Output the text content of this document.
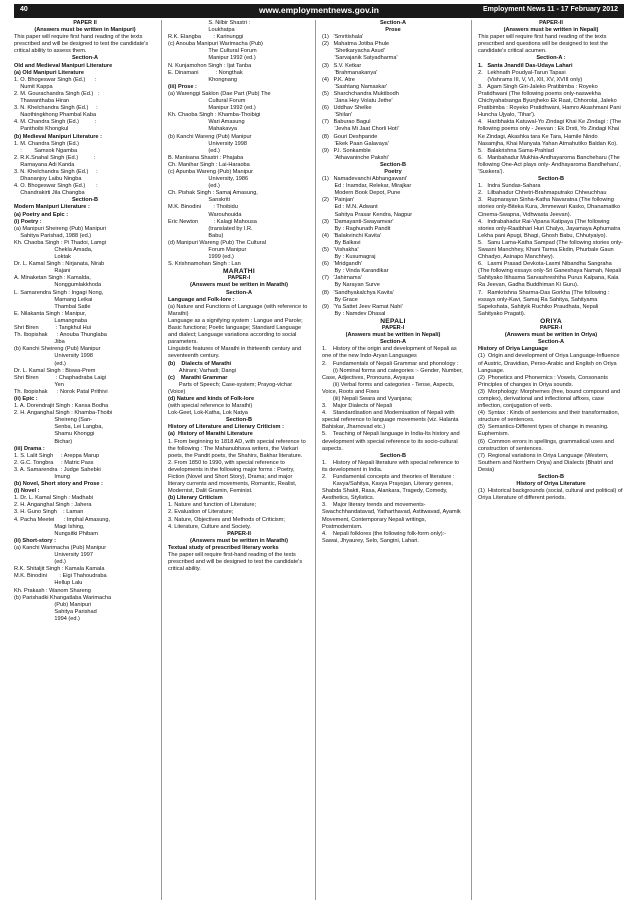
40	www.employmentnews.gov.in	Employment News 11 - 17 February 2012
PAPER II
(Answers must be written in Manipuri)
This paper will require first hand reading of the texts prescribed and will be designed to test the candidate's critical ability to assess them.
Section-A
Old and Medieval Manipuri Literature
(a) Old Manipuri Literature
1. O. Bhogeswar Singh (Ed.)      :
Numit Kappa
2. M. Gourachandra Singh (Ed.)   :
Thawanthaba Hiran
3. N. Khelchandra Singh (Ed.)     :
Naothingkhong Phambal Kaba
4. M. Chandra Singh (Ed.)          :
Panthoibi Khongkul
(b) Medieval Manipuri Literature :
1. M. Chandra Singh (Ed.)
:        Samsok Ngamba
2. R.K.Snahal Singh (Ed.)          :
Ramayana Adi Kanda
3. N. Khelchandra Singh (Ed.)     :
Dhananjoy Laibu Ningba
4. O. Bhogeswar Singh (Ed.)       :
Chandrakirti Jila Changba
Section-B
Modern Manipuri Literature :
(a) Poetry and Epic :
(i) Poetry :
(a) Manipuri Sheireng (Pub) Manipuri
Sahitya Parishad, 1988 (ed.)
Kh. Chaoba Singh : Pi Thadoi, Lamgi
Chekla Amada,
Loktak
Dr. L. Kamal Singh : Nirjanata, Nirab
Rajani
A. Minaketan Singh : Kamalda,
Nonggumlakkhoda
L. Samarendra Singh : Ingagi Nong,
Mamang Leikai
Thambal Satle
E. Nilakanta Singh : Manipur,
Lamangnaba
Shri Biren           : Tangkhul Hui
Th. Ibopishak      : Anouba Thunglaba
Jiba
(b) Kanchi Sheireng (Pub) Manipur
University 1998
(ed.)
Dr. L. Kamal Singh : Biswa-Prem
Shri Biren           : Chaphadraba Laigi
Yen
Th. Ibopishak      : Norok Patal Prithivi
(ii) Epic :
1. A. Dorendrajit Singh : Kansa Bodha
2. H. Anganghal Singh : Khamba-Thoibi
Sheireng (San-
Senba, Lei Langba,
Shamu Khonggi
Bichar)
(iii) Drama :
1. S. Lalit Singh     : Areppa Marup
2. G.C. Tongbra     : Matric Pass
3. A. Samarendra  : Judge Sahebki
Imung
(b) Novel, Short story and Prose :
(i) Novel :
1. Dr. L. Kamal Singh : Madhabi
2. H. Anganghal Singh : Jahera
3. H. Guno Singh    : Laman
4. Pacha Meetei      : Imphal Amasung,
Magi Ishing,
Nungsitki Phibam
(ii) Short-story :
(a) Kanchi Warimacha (Pub) Manipur
University 1997
(ed.)
R.K. Shitaljit Singh : Kamala Kamala
M.K. Binodini        : Eigi Thahoudraba
Hellup Lalu
Kh. Prakash : Wanom Shareng
(b) Parishadki Khangatlaba Warimacha
(Pub) Manipuri
Sahitya Parishad
1994 (ed.)
S. Nilbir Shastri :
Loukhatpa
R.K. Elangba        : Karinunggi
(c) Anouba Manipuri Warimacha (Pub)
The Cultural Forum
Manipur 1992 (ed.)
N. Kunjamohon Singh : Ijat Tanba
E. Dinamani           : Nongthak
Khongnang
(iii) Prose :
(a) Warenggi Saklon (Dae Part (Pub) The
Cultural Forum
Manipur 1992 (ed.)
Kh. Chaoba Singh : Khamba-Thoibigi
Wari Amasung
Mahakavya
(b) Kanchi Wareng (Pub) Manipur
University 1998
(ed.)
B. Manisana Shastri : Phajaba
Ch. Manihar Singh : Lai-Haraoba
(c) Apunba Wareng (Pub) Manipur
University, 1986
(ed.)
Ch. Pishak Singh : Samaj Amasung,
Sanskriti
M.K. Binodini        : Thoibidu
Warouhouida
Eric Newton          : Kalagi Mahousa
(translated by I.R.
Babu)
(d) Manipuri Wareng (Pub) The Cultural
Forum Manipur
1999 (ed.)
S. Krishnamohan Singh : Lan
MARATHI
PAPER-I
(Answers must be written in Marathi)
Section-A
Language and Folk-lore :
(a) Nature and Functions of Language (with reference to Marathi)
Language as a signifying system : Langue and Parole; Basic functions; Poetic language; Standard Language and dialect; Language variations according to social parameters.
Linguistic features of Marathi in thirteenth century and seventeenth century.
(b)    Dialects of Marathi
Ahirani; Varhadi; Dangi
(c)    Marathi Grammar
Parts of Speech; Case-system; Prayog-vichar (Voice)
(d) Nature and kinds of Folk-lore
(with special reference to Marathi)
Lok-Geet, Lok-Katha, Lok Natya
Section-B
History of Literature and Literary Criticism :
(a)  History of Marathi Literature
1. From beginning to 1818 AD, with special reference to the following : The Mahanubhava writers, the Varkari poets, the Pandit poets, the Shahirs, Bakhar literature.
2. From 1850 to 1990, with special reference to developments in the following major forms : Poetry, Fiction (Novel and Short Story), Drama; and major literary currents and movements, Romantic, Realist, Modernist, Dalit Gramin, Feminist.
(b) Literary Criticism
1. Nature and function of Literature;
2. Evaluation of Literature;
3. Nature, Objectives and Methods of Criticism;
4. Literature, Culture and Society.
PAPER-II
(Answers must be written in Marathi)
Textual study of prescribed literary works
The paper will require first-hand reading of the texts prescribed and will be designed to test the candidate's critical ability.
Section-A
Prose
(1)   'Smritishala'
(2)   Mahatma Jotiba Phule
'Shetkaryacha Asud'
'Sarvajanik Satyadharma'
(3)   S.V. Ketkar
'Brahmanakanya'
(4)   P.K. Atre
'Sashtang Namaskar'
(5)   Sharchchandra Muktibodh
'Jana Hey Volatu Jethe'
(6)   Uddhav Shelke
'Shilan'
(7)   Baburao Bagul
'Jevha Mi Jaat Chorli Hoti'
(8)   Gouri Deshpande
'Ekek Paan Galavaya'
(9)   P.I. Sonkamble
'Athavaninche Pakshi'
Section-B
Poetry
(1)   Namadevanchi Abhangawani'
Ed : Inamdar, Relekar, Mirajkar
Modern Book Depot, Pune
(2)   'Painjan'
Ed : M.N. Adwant
Sahitya Prasar Kendra, Nagpur
(3)   'Damayanti-Swayamvar'
By : Raghunath Pandit
(4)   'Balakvinchi Kavita'
By Balkavi
(5)   'Vishakha'
By : Kusumagraj
(6)   'Mridgandh'
By : Vinda Karandikar
(7)   'Jahirnama'
By Narayan Surve
(8)   'Sandhyakalchya Kavita'
By Grace
(9)   'Ya Sattet Jeev Ramat Nahi'
By : Namdev Dhasal
NEPALI
PAPER-I
(Answers must be written in Nepali)
Section-A
1.    History of the origin and development of Nepali as one of the new Indo-Aryan Languages
2.    Fundamentals of Nepali Grammar and phonology :
(i) Nominal forms and categories :- Gender, Number, Case, Adjectives, Pronouns, Avyayas
(ii) Verbal forms and categories - Tense, Aspects, Voice, Roots and Fixes
(iii) Nepali Swara and Vyanjana;
3.    Major Dialects of Nepali
4.    Standardisation and Modernisation of Nepali with special reference to language movements (viz. Halanta Bahiskar, Jharnovad etc.)
5.    Teaching of Nepali language in India-Its history and development with special reference to its socio-cultural aspects.
Section-B
1.    History of Nepali literature with special reference to its development in India.
2.    Fundamental concepts and theories of literature :
Kavya/Sahitya, Kavya Prayojan, Literary genres, Shabda Shakti, Rasa, Alankara, Tragedy, Comedy, Aesthetics, Stylistics.
3.    Major literary trends and movements-Swachchhandatavad, Yatharthavad, Astitwavad, Ayamik Movement, Contemporary Nepali writings, Postmodernism.
4.    Nepali folklores (the following folk-form only):- Sawai, Jhyaurey, Selo, Sangini, Lahari.
PAPER-II
(Answers must be written in Nepali)
This paper will require first hand reading of the texts prescribed and questions will be designed to test the candidate's critical acumen.
Section-A :
1.   Santa Jnandil Das-Udaya Lahari
2.   Lekhnath Poudyal-Tarun Tapasi
(Vishrams III, V, VI, XII, XV, XVIII only)
3.   Agam Singh Giri-Jaleko Pratibimba : Royeko Pratidhwani (The following poems only-naswekha Chichyahatsanga Byunjheko Ek Raat, Chhorolai, Jaleko Pratibimba : Royeko Pratidhwani, Hamro Akashmani Pani Huncha Ujyalo, 'Tihar').
4.   Haribhakta Katuwal-Yo Zindagi Khai Ke Zindagi : (The following poems only - Jeevan : Ek Drsti, Yo Zindagi Khai Ke Zindagi, Akashka tara Ke Tara, Hamile Nindo Nasamjha, Khai Manyata Yahan Atmahutiko Baldan Ko).
5.   Balakrishna Sama-Prahlad
6.   Manbahadur Mukhia-Andhayaroma Bancheharu (The following One-Act plays only- Andhayaroma Bandheharu', 'Suskera').
Section-B
1.   Indra Sundas-Sahara
2.   Lilbahadur Chhetri-Brahmaputrako Chheuchhau
3.   Rupnarayan Sinha-Katha Navaratna (The following stories only-Biteka Kura, Jimmewari Kasko, Dhanamatiko Cinema-Swapna, Vidhwasta Jeevan).
4.   Indrabahadur Rai-Vipana Katipaya (The following stories only-Raatbhari Huri Chalyo, Jayamaya Aphumatra Lekha pani Apugi, Bhagi, Ghosh Babu, Chhutyaiyo).
5.   Sanu Lama-Katha Sampad (The following stories only-Swasni Manchhey, Khani Tarma Ekdin, Phurbale Gaun Chhadyo, Asinapo Manchhey).
6.   Laxmi Prasad Devkota-Laxmi Nibandha Sangraha (The following essays only-Sri Ganeshaya Namah, Nepali Sahityako Itihasma Sarvashreshtha Purus Kalpana, Kala Ra Jeevan, Gadha Buddhiman Ki Guru).
7.   Ramkrishna Sharma-Das Gorkha (The following : essays only-Kavi, Samaj Ra Sahitya, Sahityama Sapekshata, Sahityik Ruchiko Praudhata, Nepali Sahityako Pragati).
ORIYA
PAPER-I
(Answers must be written in Oriya)
Section-A
History of Oriya Language
(1)  Origin and development of Oriya Language-Influence of Austric, Dravidian, Perso-Arabic and English on Oriya Language.
(2)  Phonetics and Phonemics : Vowels, Consonants Principles of changes in Oriya sounds.
(3)  Morphology: Morphemes (free, bound compound and complex), derivational and inflectional affixes, case inflection, conjugation of verb.
(4)  Syntax : Kinds of sentences and their transformation, structure of sentences.
(5)  Semantics-Different types of change in meaning. Euphemism.
(6)  Common errors in spellings, grammatical uses and construction of sentences.
(7)  Regional variations in Oriya Language (Western, Southern and Northern Oriya) and Dialects (Bhatri and Desia)
Section-B
History of Oriya Literature
(1)  Historical backgrounds (social, cultural and political) of Oriya Literature of different periods.
